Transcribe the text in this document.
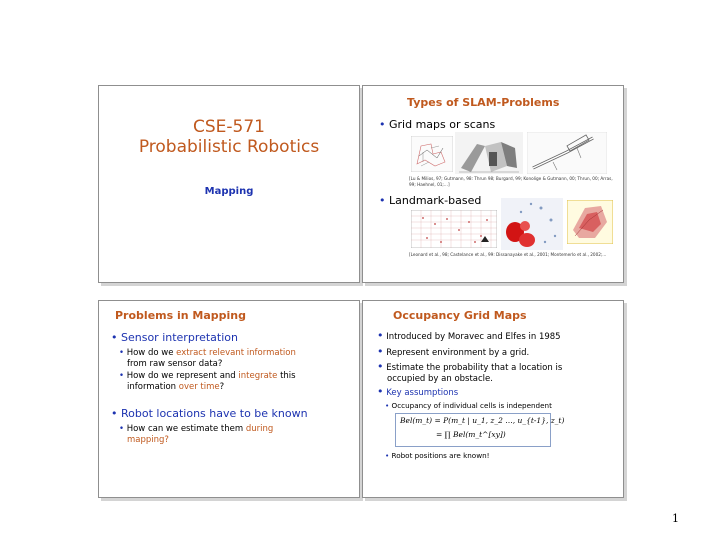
CSE-571
Probabilistic Robotics
Mapping
Types of SLAM-Problems
• Grid maps or scans
[Lu & Milios, 97; Gutmann, 98: Thrun 98; Burgard, 99; Konolige & Gutmann, 00; Thrun, 00; Arras,
99; Haehnel, 01;…]
• Landmark-based
[Leonard et al., 98; Castelance et al., 99: Dissanayake et al., 2001; Montemerlo et al., 2002;…
Problems in Mapping
• Sensor interpretation
• How do we extract relevant information
from raw sensor data?
• How do we represent and integrate this
information over time?
• Robot locations have to be known
• How can we estimate them during
mapping?
Occupancy Grid Maps
• Introduced by Moravec and Elfes in 1985
• Represent environment by a grid.
• Estimate the probability that a location is
occupied by an obstacle.
• Key assumptions
• Occupancy of individual cells is independent
Bel(m_t) = P(m_t | u_1, z_2 …, u_{t-1}, z_t)
= ∏ Bel(m_t^[xy])
• Robot positions are known!
1
